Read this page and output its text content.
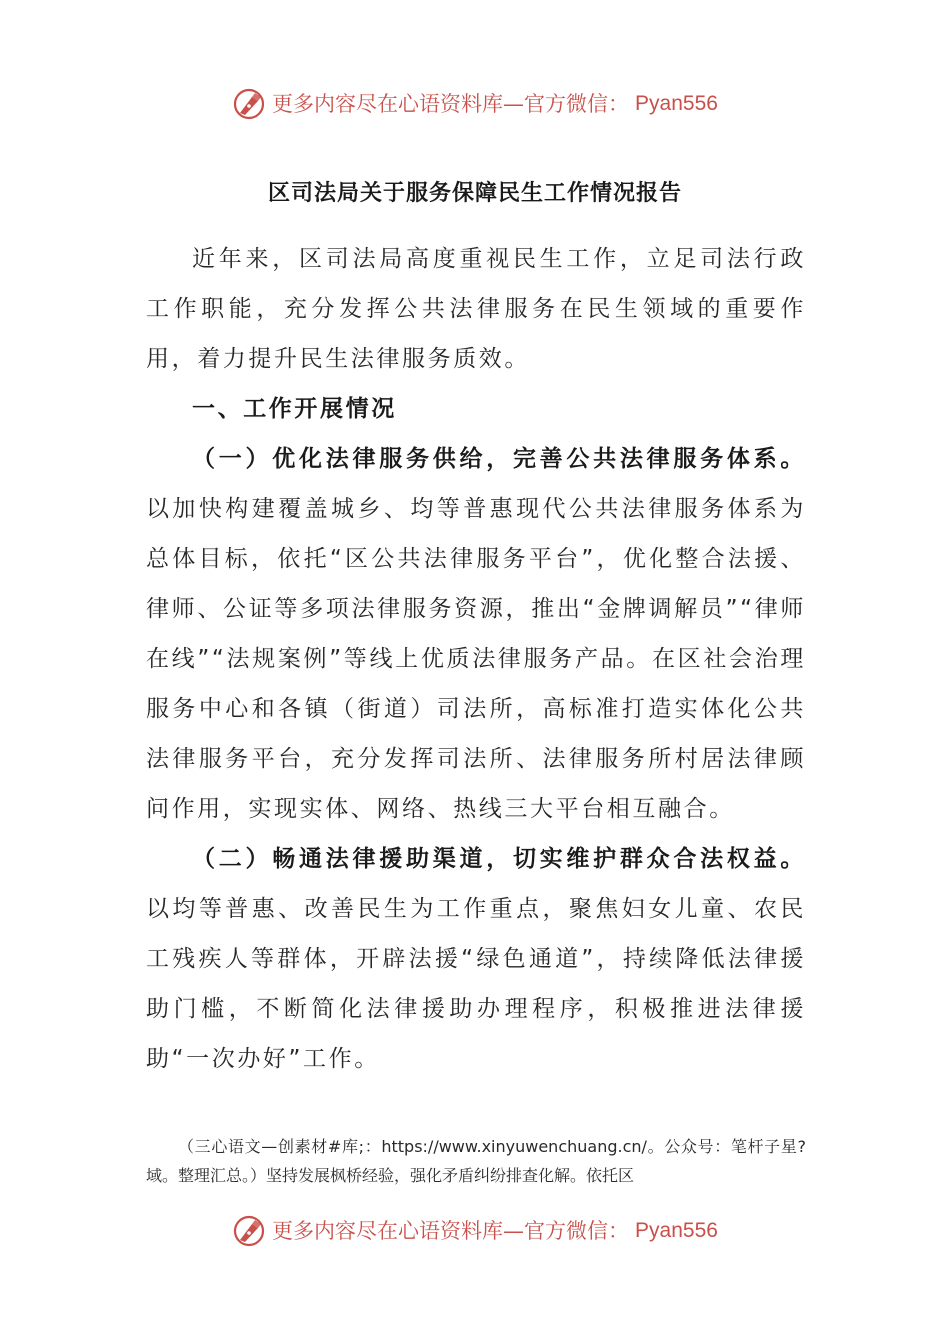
更多内容尽在心语资料库—官方微信： Pyan556
区司法局关于服务保障民生工作情况报告

近年来，区司法局高度重视民生工作，立足司法行政工作职能，充分发挥公共法律服务在民生领域的重要作用，着力提升民生法律服务质效。

一、工作开展情况

（一）优化法律服务供给，完善公共法律服务体系。以加快构建覆盖城乡、均等普惠现代公共法律服务体系为总体目标，依托“区公共法律服务平台”，优化整合法援、律师、公证等多项法律服务资源，推出“金牌调解员”“律师在线”“法规案例”等线上优质法律服务产品。在区社会治理服务中心和各镇（街道）司法所，高标准打造实体化公共法律服务平台，充分发挥司法所、法律服务所村居法律顾问作用，实现实体、网络、热线三大平台相互融合。

（二）畅通法律援助渠道，切实维护群众合法权益。以均等普惠、改善民生为工作重点，聚焦妇女儿童、农民工残疾人等群体，开辟法援“绿色通道”，持续降低法律援助门槛，不断简化法律援助办理程序，积极推进法律援助“一次办好”工作。

（三心语文—创素材#库;：https://www.xinyuwenchuang.cn/。公众号：笔杆子星?域。整理汇总。）坚持发展枫桥经验，强化矛盾纠纷排查化解。依托区
更多内容尽在心语资料库—官方微信： Pyan556
